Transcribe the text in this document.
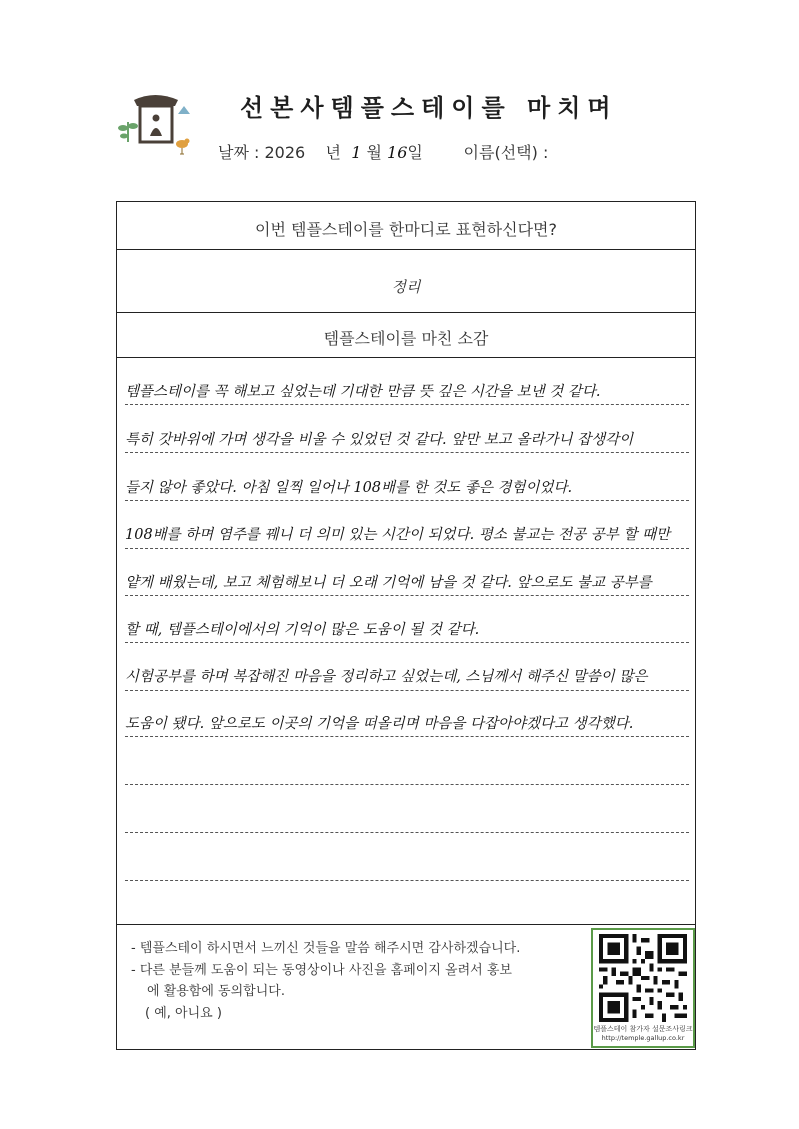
선본사템플스테이를 마치며
날짜 : 2026 년 1 월 16일	이름(선택) :
이번 템플스테이를 한마디로 표현하신다면?
정리
템플스테이를 마친 소감
템플스테이를 꼭 해보고 싶었는데 기대한 만큼 뜻 깊은 시간을 보낸 것 같다.
특히 갓바위에 가며 생각을 비울 수 있었던 것 같다. 앞만 보고 올라가니 잡생각이
들지 않아 좋았다. 아침 일찍 일어나 108배를 한 것도 좋은 경험이었다.
108배를 하며 염주를 꿰니 더 의미 있는 시간이 되었다. 평소 불교는 전공 공부 할 때만
얕게 배웠는데, 보고 체험해보니 더 오래 기억에 남을 것 같다. 앞으로도 불교 공부를
할 때, 템플스테이에서의 기억이 많은 도움이 될 것 같다.
시험공부를 하며 복잡해진 마음을 정리하고 싶었는데, 스님께서 해주신 말씀이 많은
도움이 됐다. 앞으로도 이곳의 기억을 떠올리며 마음을 다잡아야겠다고 생각했다.
- 템플스테이 하시면서 느끼신 것들을 말씀 해주시면 감사하겠습니다.
- 다른 분들께 도움이 되는 동영상이나 사진을 홈페이지 올려서 홍보
에 활용함에 동의합니다.
( 예, 아니요 )
템플스테이 참가자 설문조사링크
http://temple.gallup.co.kr
